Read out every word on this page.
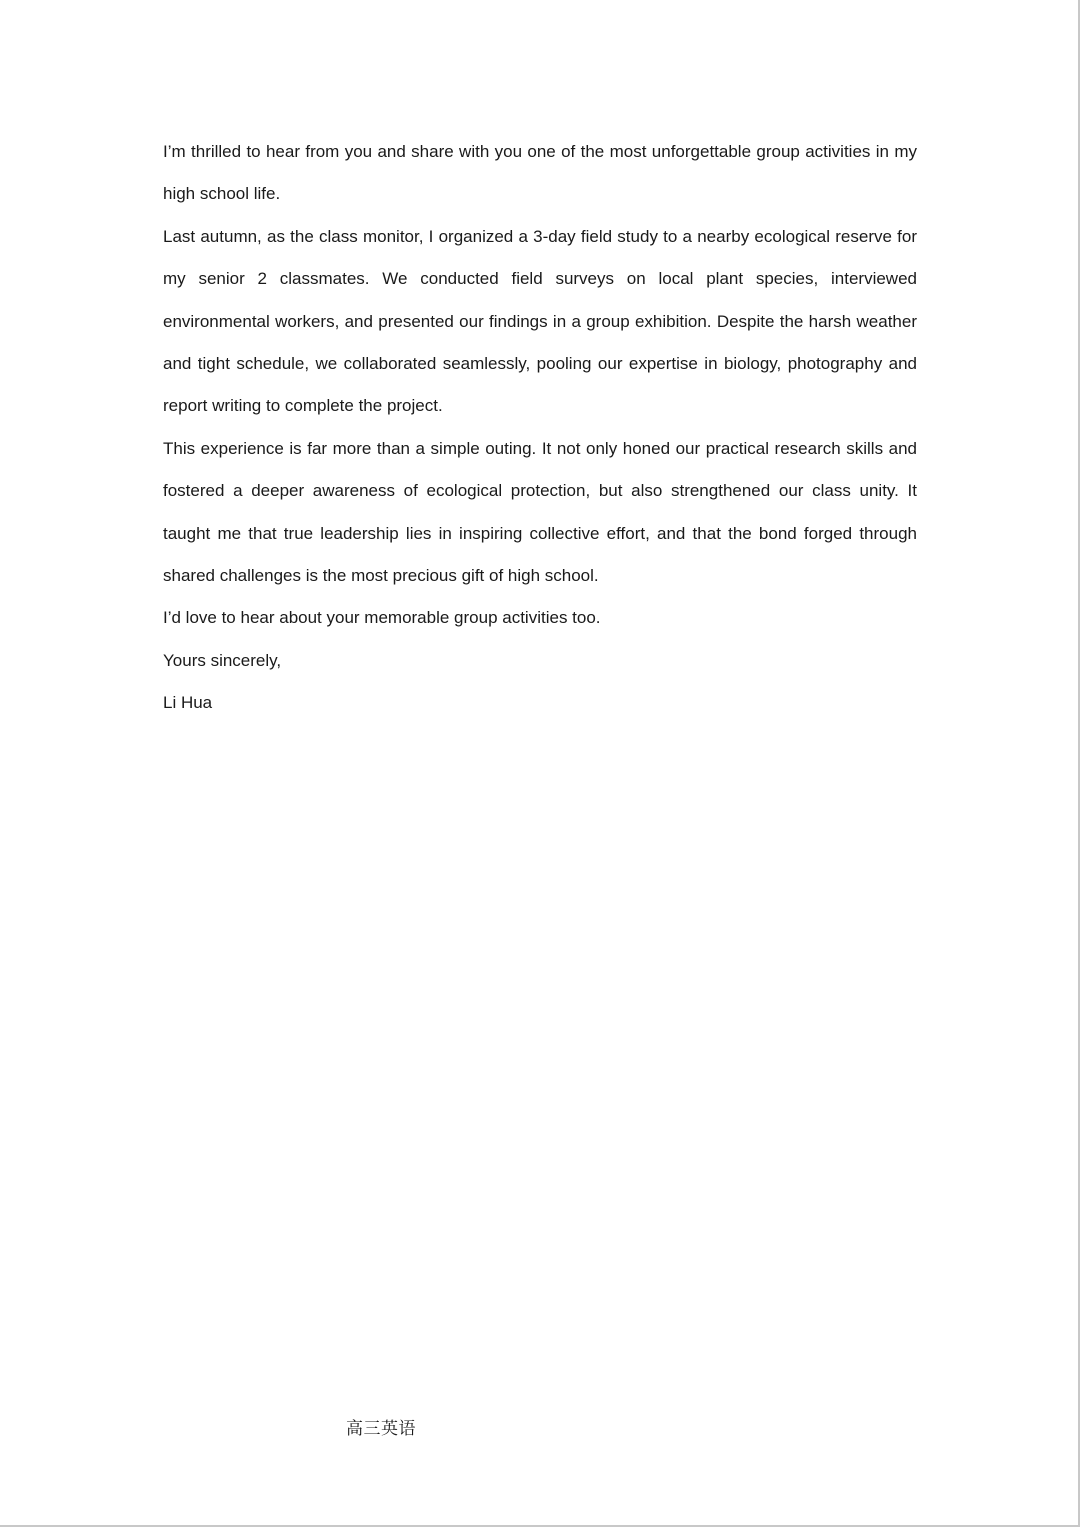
I’m thrilled to hear from you and share with you one of the most unforgettable group activities in my high school life.

Last autumn, as the class monitor, I organized a 3-day field study to a nearby ecological reserve for my senior 2 classmates. We conducted field surveys on local plant species, interviewed environmental workers, and presented our findings in a group exhibition. Despite the harsh weather and tight schedule, we collaborated seamlessly, pooling our expertise in biology, photography and report writing to complete the project.

This experience is far more than a simple outing. It not only honed our practical research skills and fostered a deeper awareness of ecological protection, but also strengthened our class unity. It taught me that true leadership lies in inspiring collective effort, and that the bond forged through shared challenges is the most precious gift of high school.

I’d love to hear about your memorable group activities too.

Yours sincerely,

Li Hua

高三英语
